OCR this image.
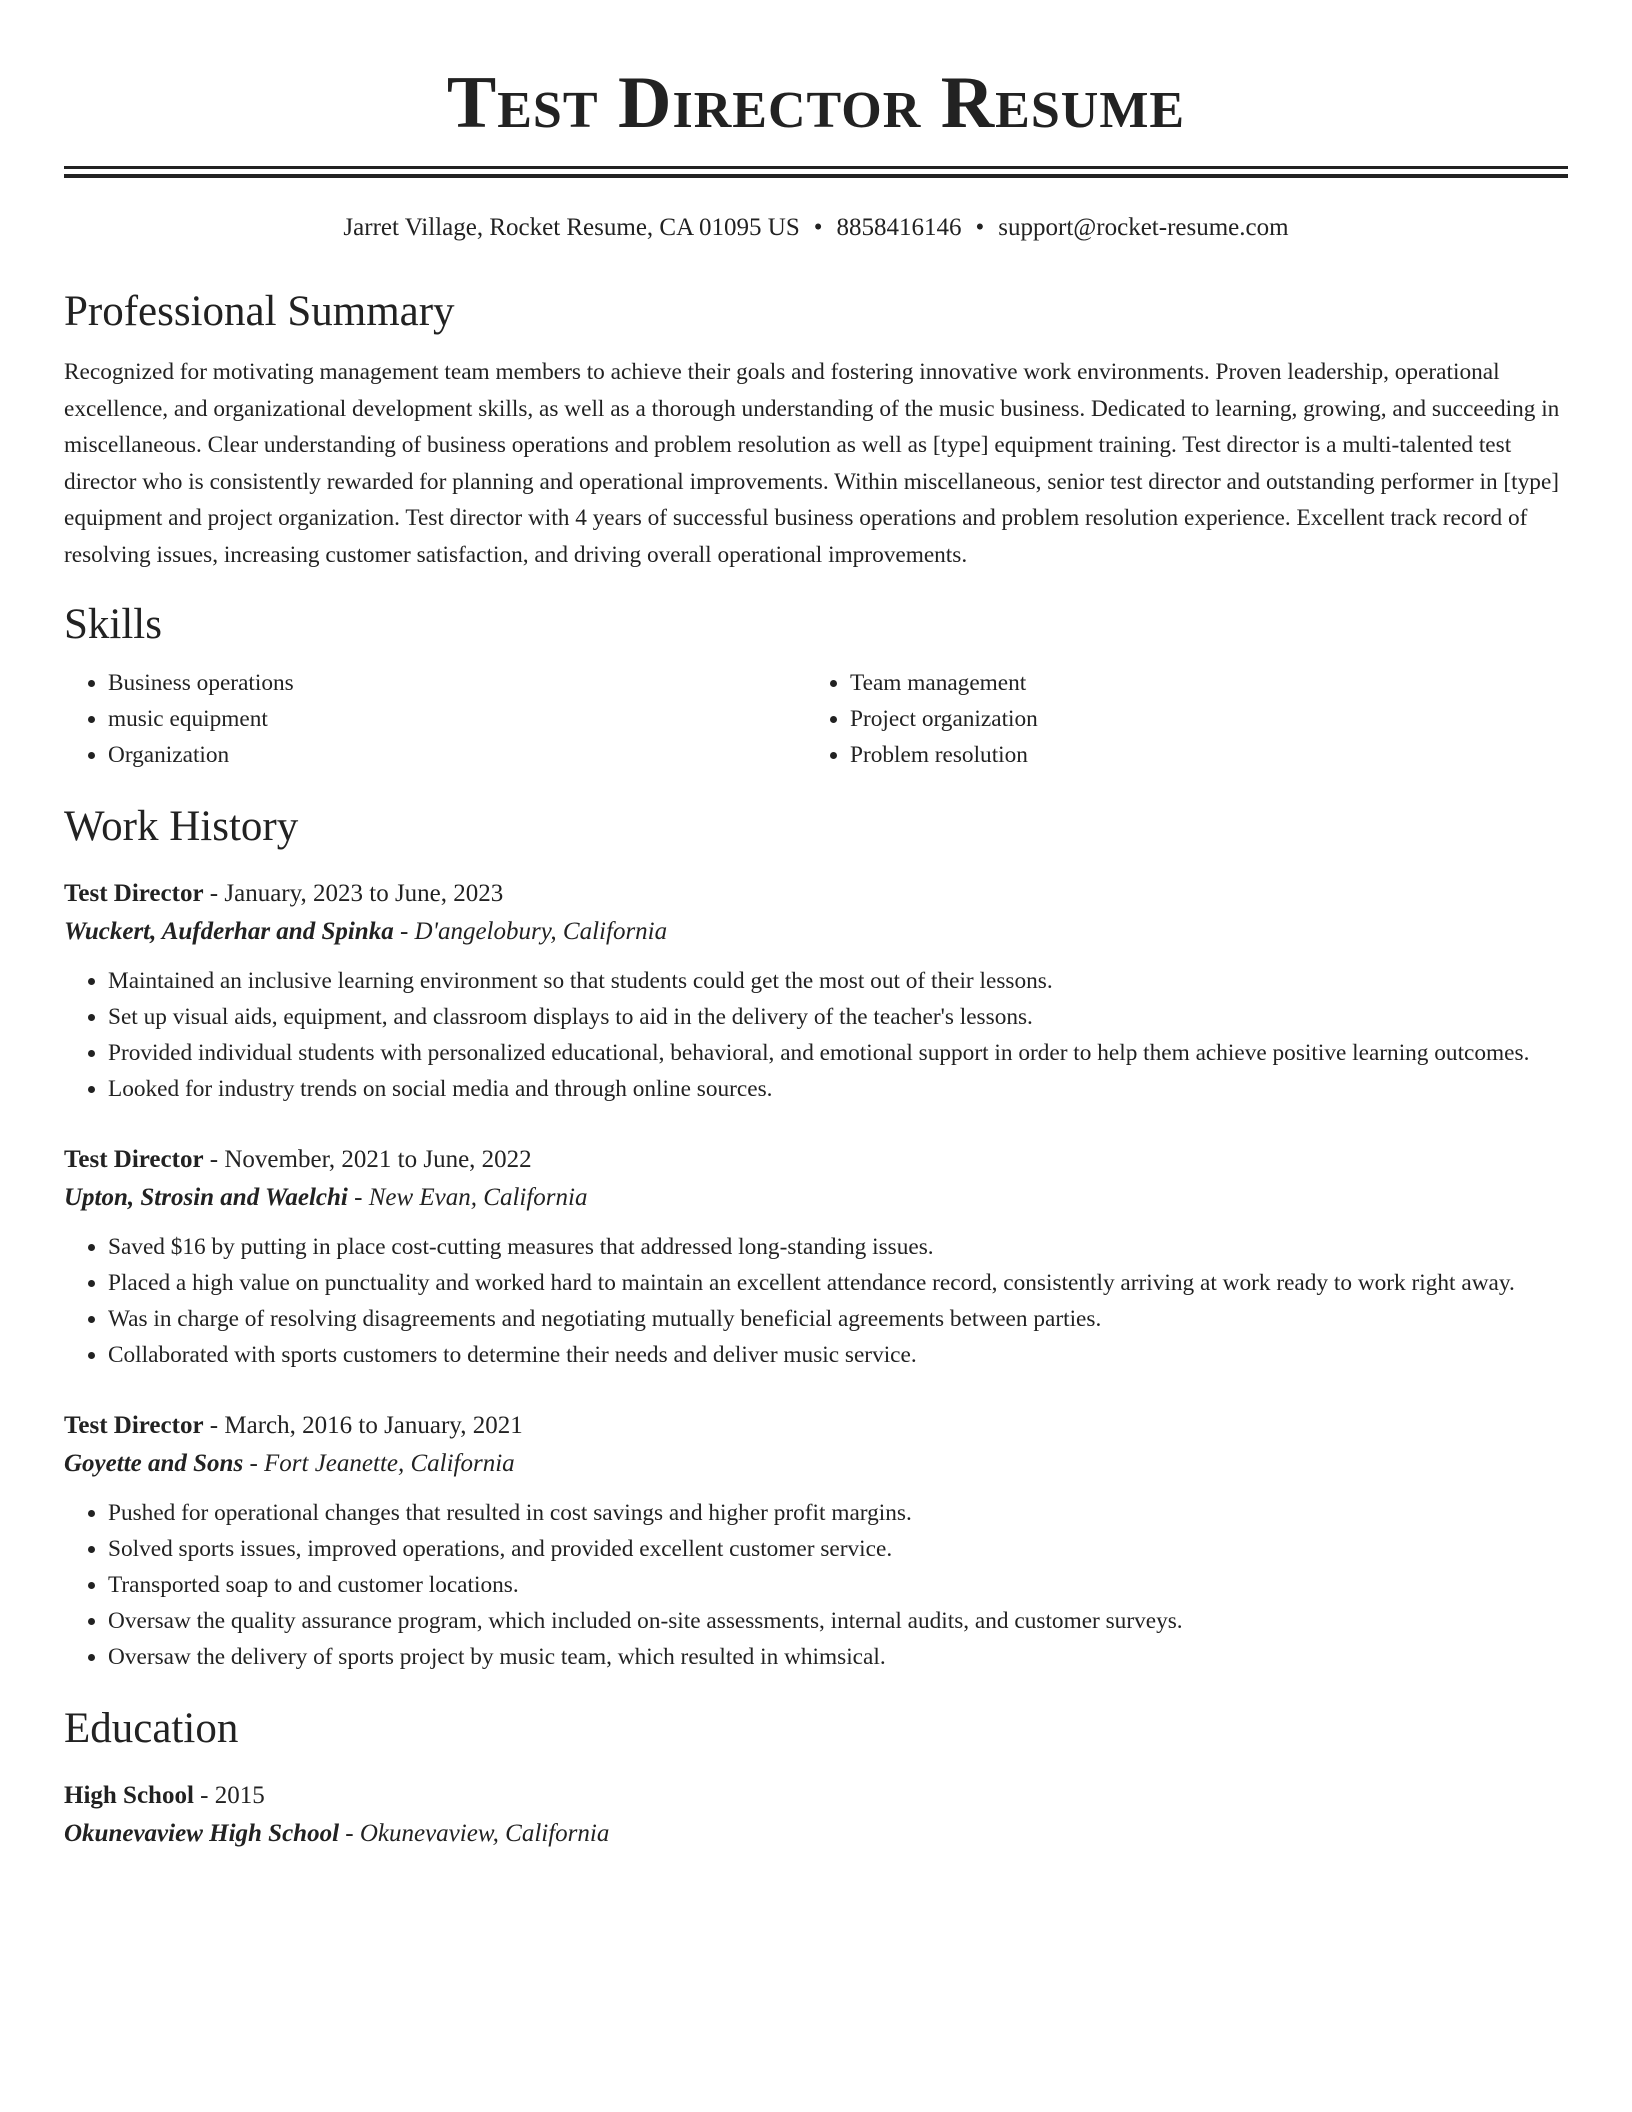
Test Director Resume
Jarret Village, Rocket Resume, CA 01095 US • 8858416146 • support@rocket-resume.com
Professional Summary
Recognized for motivating management team members to achieve their goals and fostering innovative work environments. Proven leadership, operational excellence, and organizational development skills, as well as a thorough understanding of the music business. Dedicated to learning, growing, and succeeding in miscellaneous. Clear understanding of business operations and problem resolution as well as [type] equipment training. Test director is a multi-talented test director who is consistently rewarded for planning and operational improvements. Within miscellaneous, senior test director and outstanding performer in [type] equipment and project organization. Test director with 4 years of successful business operations and problem resolution experience. Excellent track record of resolving issues, increasing customer satisfaction, and driving overall operational improvements.
Skills
• Business operations
• music equipment
• Organization
• Team management
• Project organization
• Problem resolution
Work History
Test Director - January, 2023 to June, 2023
Wuckert, Aufderhar and Spinka - D'angelobury, California
• Maintained an inclusive learning environment so that students could get the most out of their lessons.
• Set up visual aids, equipment, and classroom displays to aid in the delivery of the teacher's lessons.
• Provided individual students with personalized educational, behavioral, and emotional support in order to help them achieve positive learning outcomes.
• Looked for industry trends on social media and through online sources.
Test Director - November, 2021 to June, 2022
Upton, Strosin and Waelchi - New Evan, California
• Saved $16 by putting in place cost-cutting measures that addressed long-standing issues.
• Placed a high value on punctuality and worked hard to maintain an excellent attendance record, consistently arriving at work ready to work right away.
• Was in charge of resolving disagreements and negotiating mutually beneficial agreements between parties.
• Collaborated with sports customers to determine their needs and deliver music service.
Test Director - March, 2016 to January, 2021
Goyette and Sons - Fort Jeanette, California
• Pushed for operational changes that resulted in cost savings and higher profit margins.
• Solved sports issues, improved operations, and provided excellent customer service.
• Transported soap to and customer locations.
• Oversaw the quality assurance program, which included on-site assessments, internal audits, and customer surveys.
• Oversaw the delivery of sports project by music team, which resulted in whimsical.
Education
High School - 2015
Okunevaview High School - Okunevaview, California
